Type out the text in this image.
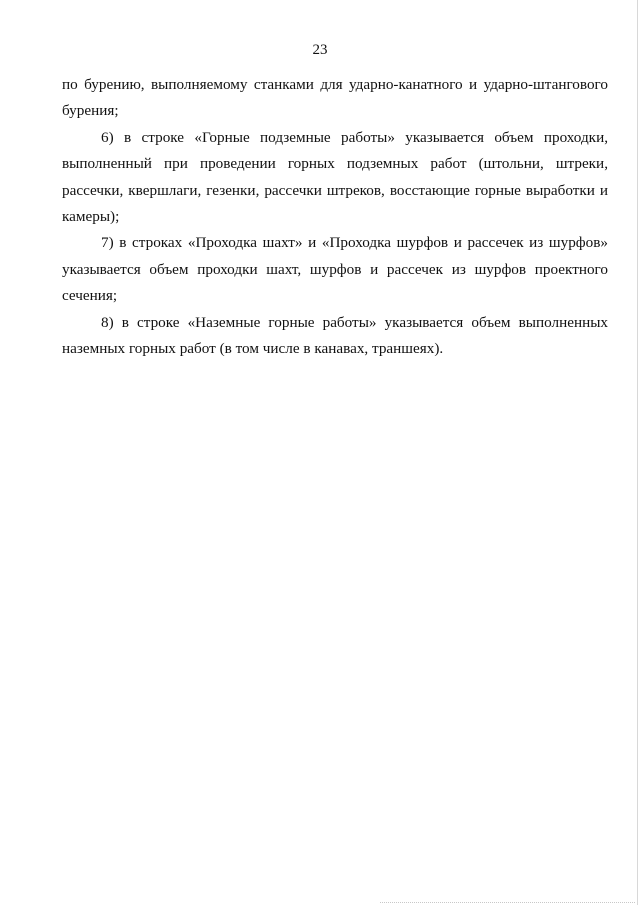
23
по бурению, выполняемому станками для ударно-канатного и ударно-штангового
бурения;
6) в строке «Горные подземные работы» указывается объем проходки,
выполненный при проведении горных подземных работ (штольни, штреки,
рассечки, квершлаги, гезенки, рассечки штреков, восстающие горные выработки и
камеры);
7) в строках «Проходка шахт» и «Проходка шурфов и рассечек из шурфов»
указывается объем проходки шахт, шурфов и рассечек из шурфов проектного
сечения;
8) в строке «Наземные горные работы» указывается объем выполненных
наземных горных работ (в том числе в канавах, траншеях).
